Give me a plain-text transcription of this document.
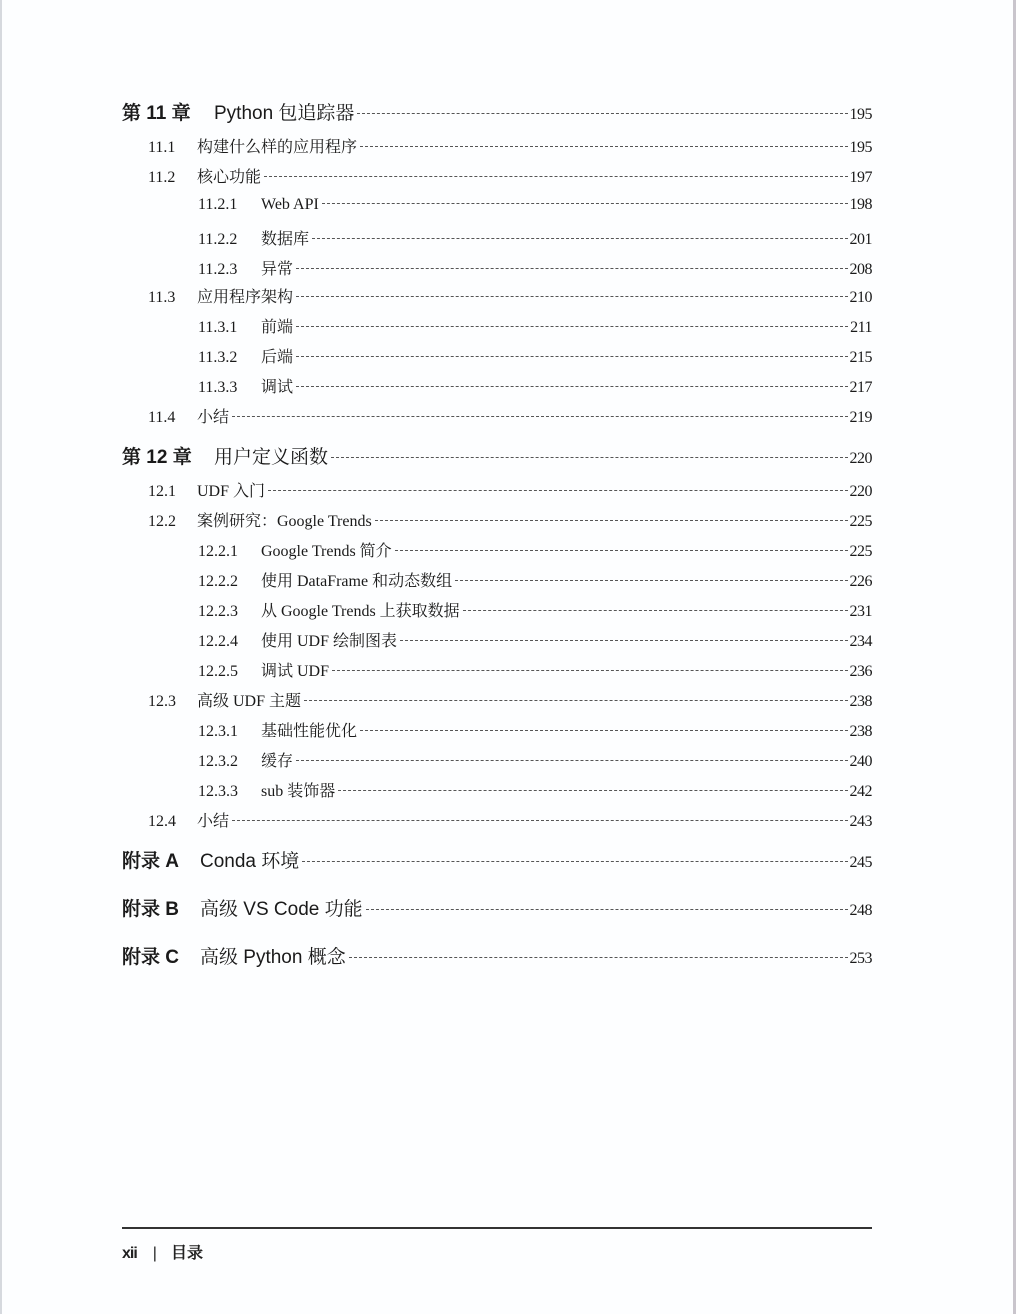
第 11 章	Python 包追踪器	195
11.1	构建什么样的应用程序	195
11.2	核心功能	197
11.2.1	Web API	198
11.2.2	数据库	201
11.2.3	异常	208
11.3	应用程序架构	210
11.3.1	前端	211
11.3.2	后端	215
11.3.3	调试	217
11.4	小结	219
第 12 章	用户定义函数	220
12.1	UDF 入门	220
12.2	案例研究：Google Trends	225
12.2.1	Google Trends 简介	225
12.2.2	使用 DataFrame 和动态数组	226
12.2.3	从 Google Trends 上获取数据	231
12.2.4	使用 UDF 绘制图表	234
12.2.5	调试 UDF	236
12.3	高级 UDF 主题	238
12.3.1	基础性能优化	238
12.3.2	缓存	240
12.3.3	sub 装饰器	242
12.4	小结	243
附录 A	Conda 环境	245
附录 B	高级 VS Code 功能	248
附录 C	高级 Python 概念	253
xii | 目录
